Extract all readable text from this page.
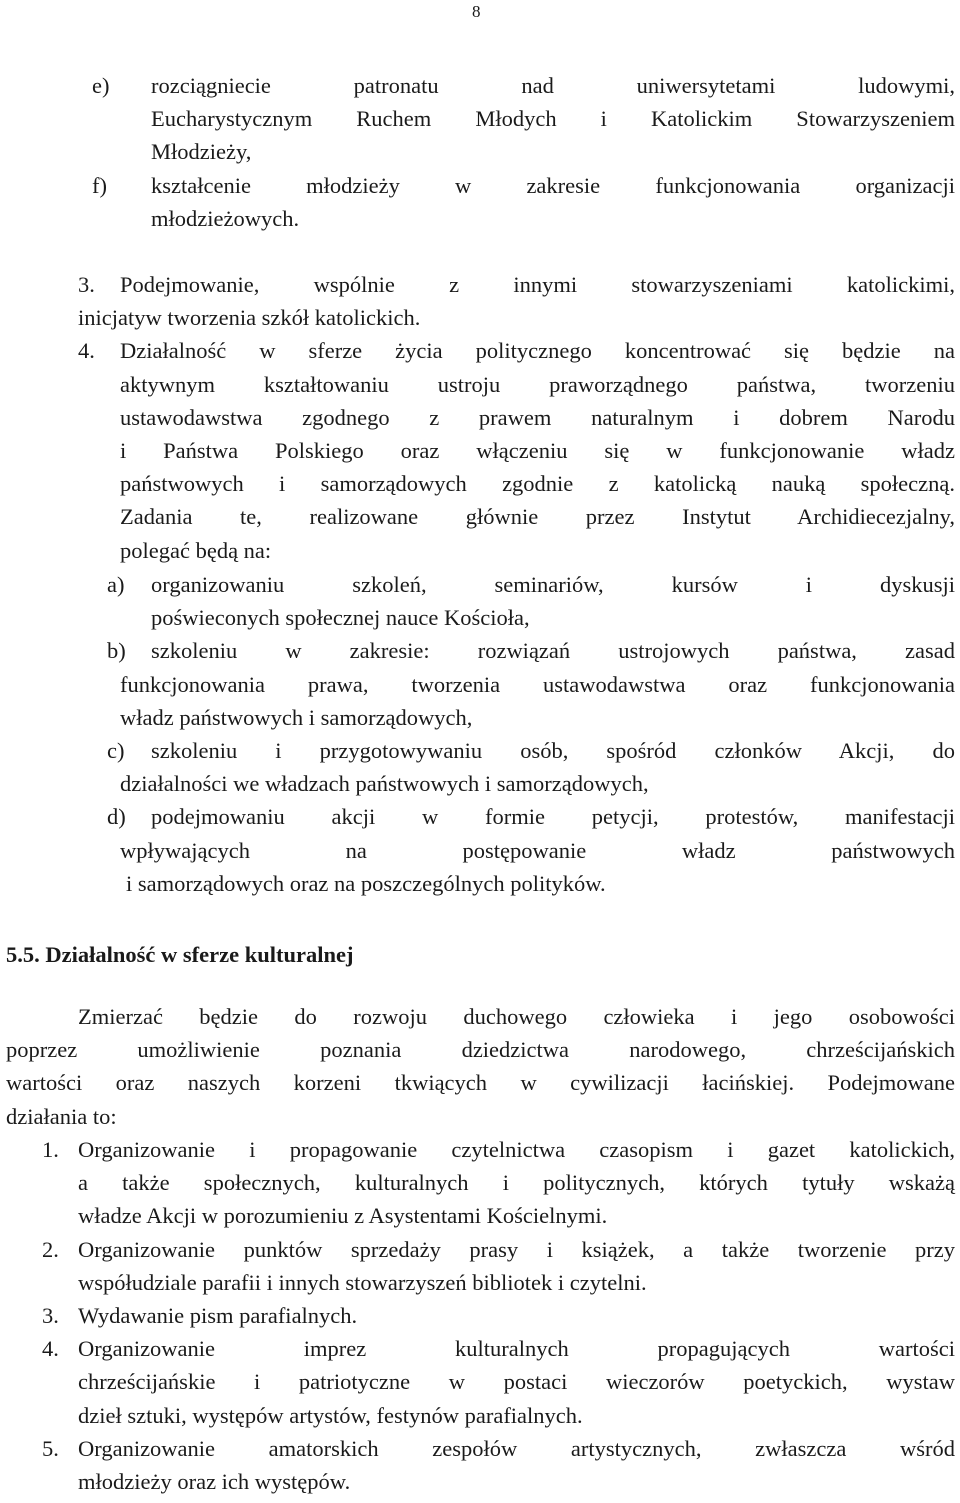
8
e) rozciągniecie patronatu nad uniwersytetami ludowymi,
Eucharystycznym Ruchem Młodych i Katolickim Stowarzyszeniem
Młodzieży,
f) kształcenie młodzieży w zakresie funkcjonowania organizacji
młodzieżowych.
3. Podejmowanie, wspólnie z innymi stowarzyszeniami katolickimi,
inicjatyw tworzenia szkół katolickich.
4. Działalność w sferze życia politycznego koncentrować się będzie na
aktywnym kształtowaniu ustroju praworządnego państwa, tworzeniu
ustawodawstwa zgodnego z prawem naturalnym i dobrem Narodu
i Państwa Polskiego oraz włączeniu się w funkcjonowanie władz
państwowych i samorządowych zgodnie z katolicką nauką społeczną.
Zadania te, realizowane głównie przez Instytut Archidiecezjalny,
polegać będą na:
a) organizowaniu szkoleń, seminariów, kursów i dyskusji
poświeconych społecznej nauce Kościoła,
b) szkoleniu w zakresie: rozwiązań ustrojowych państwa, zasad
funkcjonowania prawa, tworzenia ustawodawstwa oraz funkcjonowania
władz państwowych i samorządowych,
c) szkoleniu i przygotowywaniu osób, spośród członków Akcji, do
działalności we władzach państwowych i samorządowych,
d) podejmowaniu akcji w formie petycji, protestów, manifestacji
wpływających na postępowanie władz państwowych
i samorządowych oraz na poszczególnych polityków.
1. Organizowanie i propagowanie czytelnictwa czasopism i gazet katolickich,
a także społecznych, kulturalnych i politycznych, których tytuły wskażą
władze Akcji w porozumieniu z Asystentami Kościelnymi.
2. Organizowanie punktów sprzedaży prasy i książek, a także tworzenie przy
współudziale parafii i innych stowarzyszeń bibliotek i czytelni.
3. Wydawanie pism parafialnych.
4. Organizowanie imprez kulturalnych propagujących wartości
chrześcijańskie i patriotyczne w postaci wieczorów poetyckich, wystaw
dzieł sztuki, występów artystów, festynów parafialnych.
5. Organizowanie amatorskich zespołów artystycznych, zwłaszcza wśród
młodzieży oraz ich występów.
Zmierzać będzie do rozwoju duchowego człowieka i jego osobowości
poprzez umożliwienie poznania dziedzictwa narodowego, chrześcijańskich
wartości oraz naszych korzeni tkwiących w cywilizacji łacińskiej. Podejmowane
działania to:
5.5. Działalność w sferze kulturalnej
